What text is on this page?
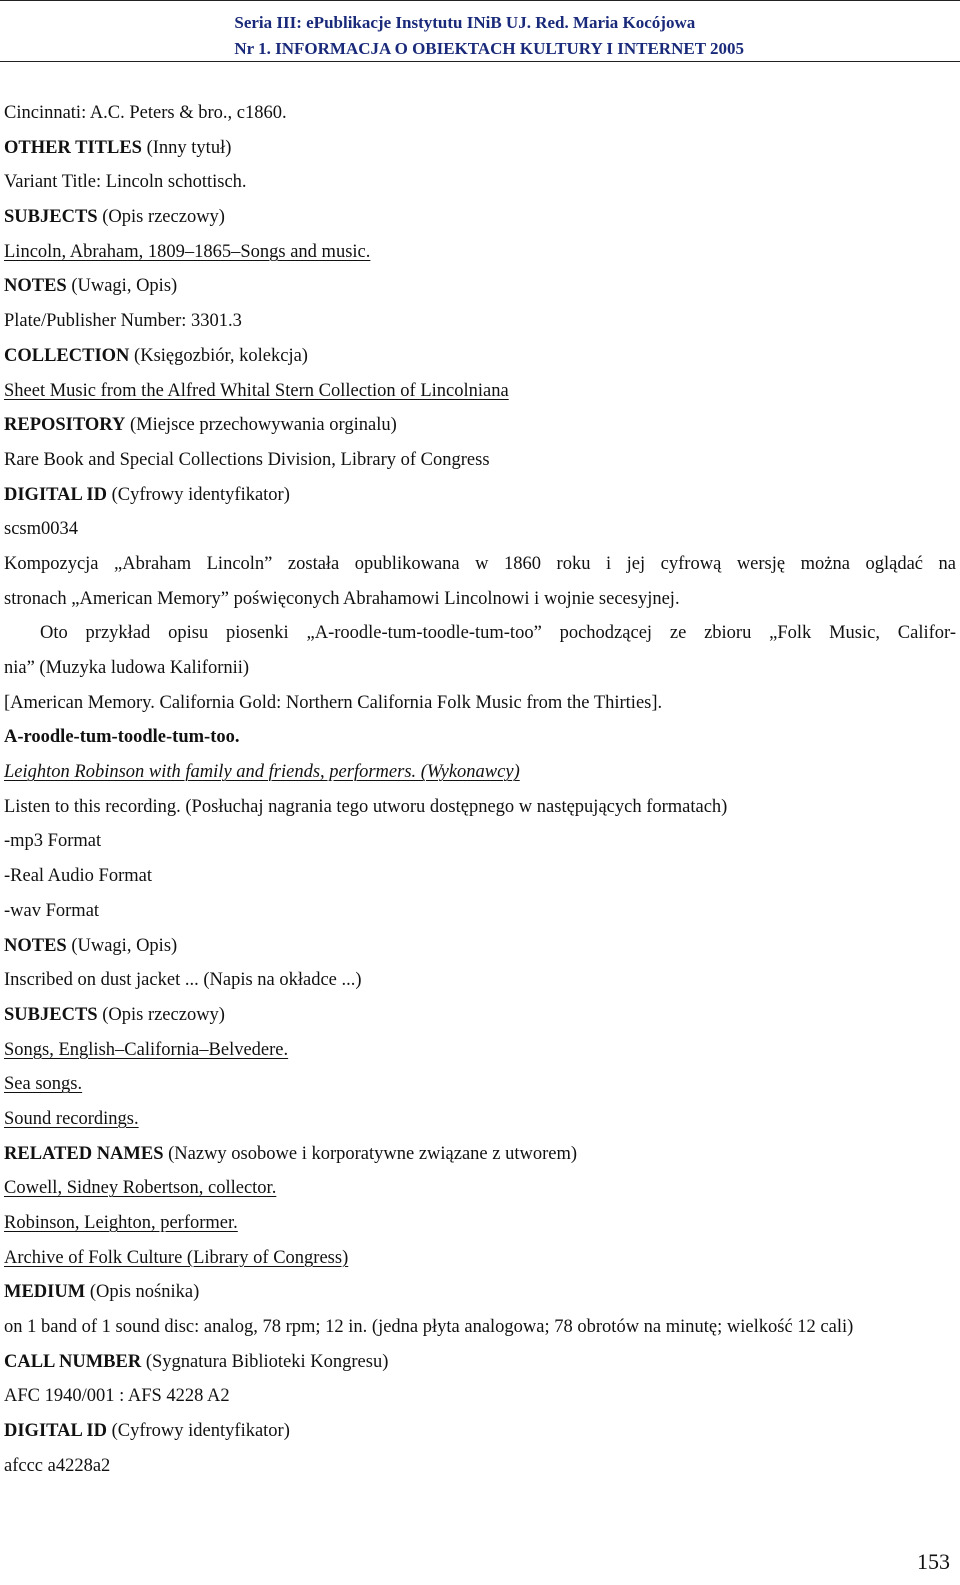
Seria III: ePublikacje Instytutu INiB UJ. Red. Maria Kocójowa
Nr 1. INFORMACJA O OBIEKTACH KULTURY I INTERNET 2005
Cincinnati: A.C. Peters & bro., c1860.
OTHER TITLES (Inny tytuł)
Variant Title: Lincoln schottisch.
SUBJECTS (Opis rzeczowy)
Lincoln, Abraham, 1809–1865–Songs and music.
NOTES (Uwagi, Opis)
Plate/Publisher Number: 3301.3
COLLECTION (Księgozbiór, kolekcja)
Sheet Music from the Alfred Whital Stern Collection of Lincolniana
REPOSITORY (Miejsce przechowywania orginalu)
Rare Book and Special Collections Division, Library of Congress
DIGITAL ID (Cyfrowy identyfikator)
scsm0034
Kompozycja „Abraham Lincoln” została opublikowana w 1860 roku i jej cyfrową wersję można oglądać na
stronach „American Memory” poświęconych Abrahamowi Lincolnowi i wojnie secesyjnej.
Oto przykład opisu piosenki „A-roodle-tum-toodle-tum-too” pochodzącej ze zbioru „Folk Music, Califor-
nia” (Muzyka ludowa Kalifornii)
[American Memory. California Gold: Northern California Folk Music from the Thirties].
A-roodle-tum-toodle-tum-too.
Leighton Robinson with family and friends, performers. (Wykonawcy)
Listen to this recording. (Posłuchaj nagrania tego utworu dostępnego w następujących formatach)
-mp3 Format
-Real Audio Format
-wav Format
NOTES (Uwagi, Opis)
Inscribed on dust jacket ... (Napis na okładce ...)
SUBJECTS (Opis rzeczowy)
Songs, English–California–Belvedere.
Sea songs.
Sound recordings.
RELATED NAMES (Nazwy osobowe i korporatywne związane z utworem)
Cowell, Sidney Robertson, collector.
Robinson, Leighton, performer.
Archive of Folk Culture (Library of Congress)
MEDIUM (Opis nośnika)
on 1 band of 1 sound disc: analog, 78 rpm; 12 in. (jedna płyta analogowa; 78 obrotów na minutę; wielkość 12 cali)
CALL NUMBER (Sygnatura Biblioteki Kongresu)
AFC 1940/001 : AFS 4228 A2
DIGITAL ID (Cyfrowy identyfikator)
afccc a4228a2
153
